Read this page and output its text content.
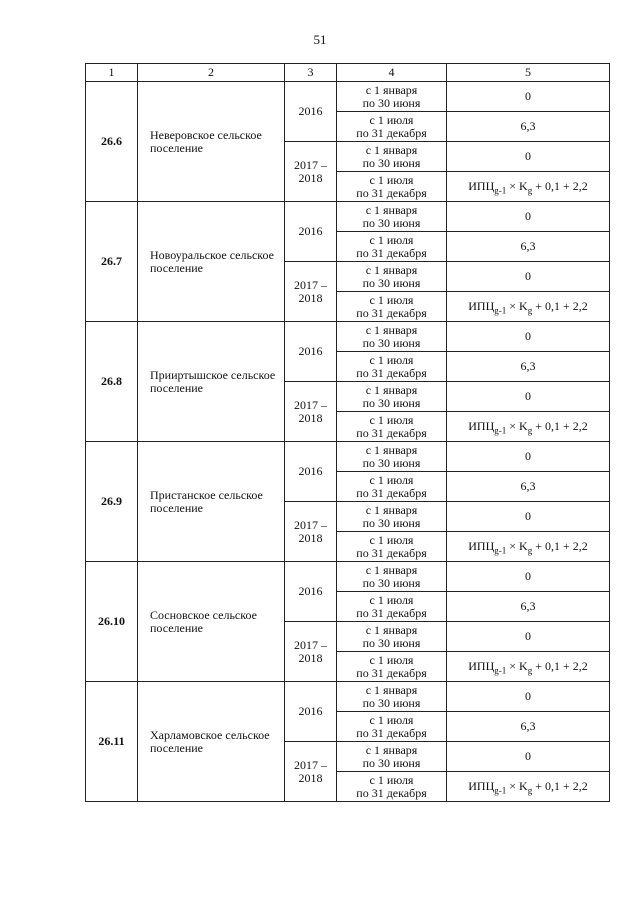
51
1	2	3	4	5
26.6	Неверовское сельское поселение	2016	с 1 января
по 30 июня	0

			с 1 июля
по 31 декабря	6,3
		2017 – 2018	с 1 января
по 30 июня	0

			с 1 июля
по 31 декабря	$ИПЦ_{g-1} \times K_g + 0,1 + 2,2$
26.7	Новоуральское сельское поселение	2016	с 1 января
по 30 июня	0

			с 1 июля
по 31 декабря	6,3
		2017 – 2018	с 1 января
по 30 июня	0

			с 1 июля
по 31 декабря	$ИПЦ_{g-1} \times K_g + 0,1 + 2,2$
26.8	Прииртышское сельское поселение	2016	с 1 января
по 30 июня	0

			с 1 июля
по 31 декабря	6,3
		2017 – 2018	с 1 января
по 30 июня	0

			с 1 июля
по 31 декабря	$ИПЦ_{g-1} \times K_g + 0,1 + 2,2$
26.9	Пристанское сельское поселение	2016	с 1 января
по 30 июня	0

			с 1 июля
по 31 декабря	6,3
		2017 – 2018	с 1 января
по 30 июня	0

			с 1 июля
по 31 декабря	$ИПЦ_{g-1} \times K_g + 0,1 + 2,2$
26.10	Сосновское сельское поселение	2016	с 1 января
по 30 июня	0

			с 1 июля
по 31 декабря	6,3
		2017 – 2018	с 1 января
по 30 июня	0

			с 1 июля
по 31 декабря	$ИПЦ_{g-1} \times K_g + 0,1 + 2,2$
26.11	Харламовское сельское поселение	2016	с 1 января
по 30 июня	0

			с 1 июля
по 31 декабря	6,3
		2017 – 2018	с 1 января
по 30 июня	0

			с 1 июля
по 31 декабря	$ИПЦ_{g-1} \times K_g + 0,1 + 2,2$
